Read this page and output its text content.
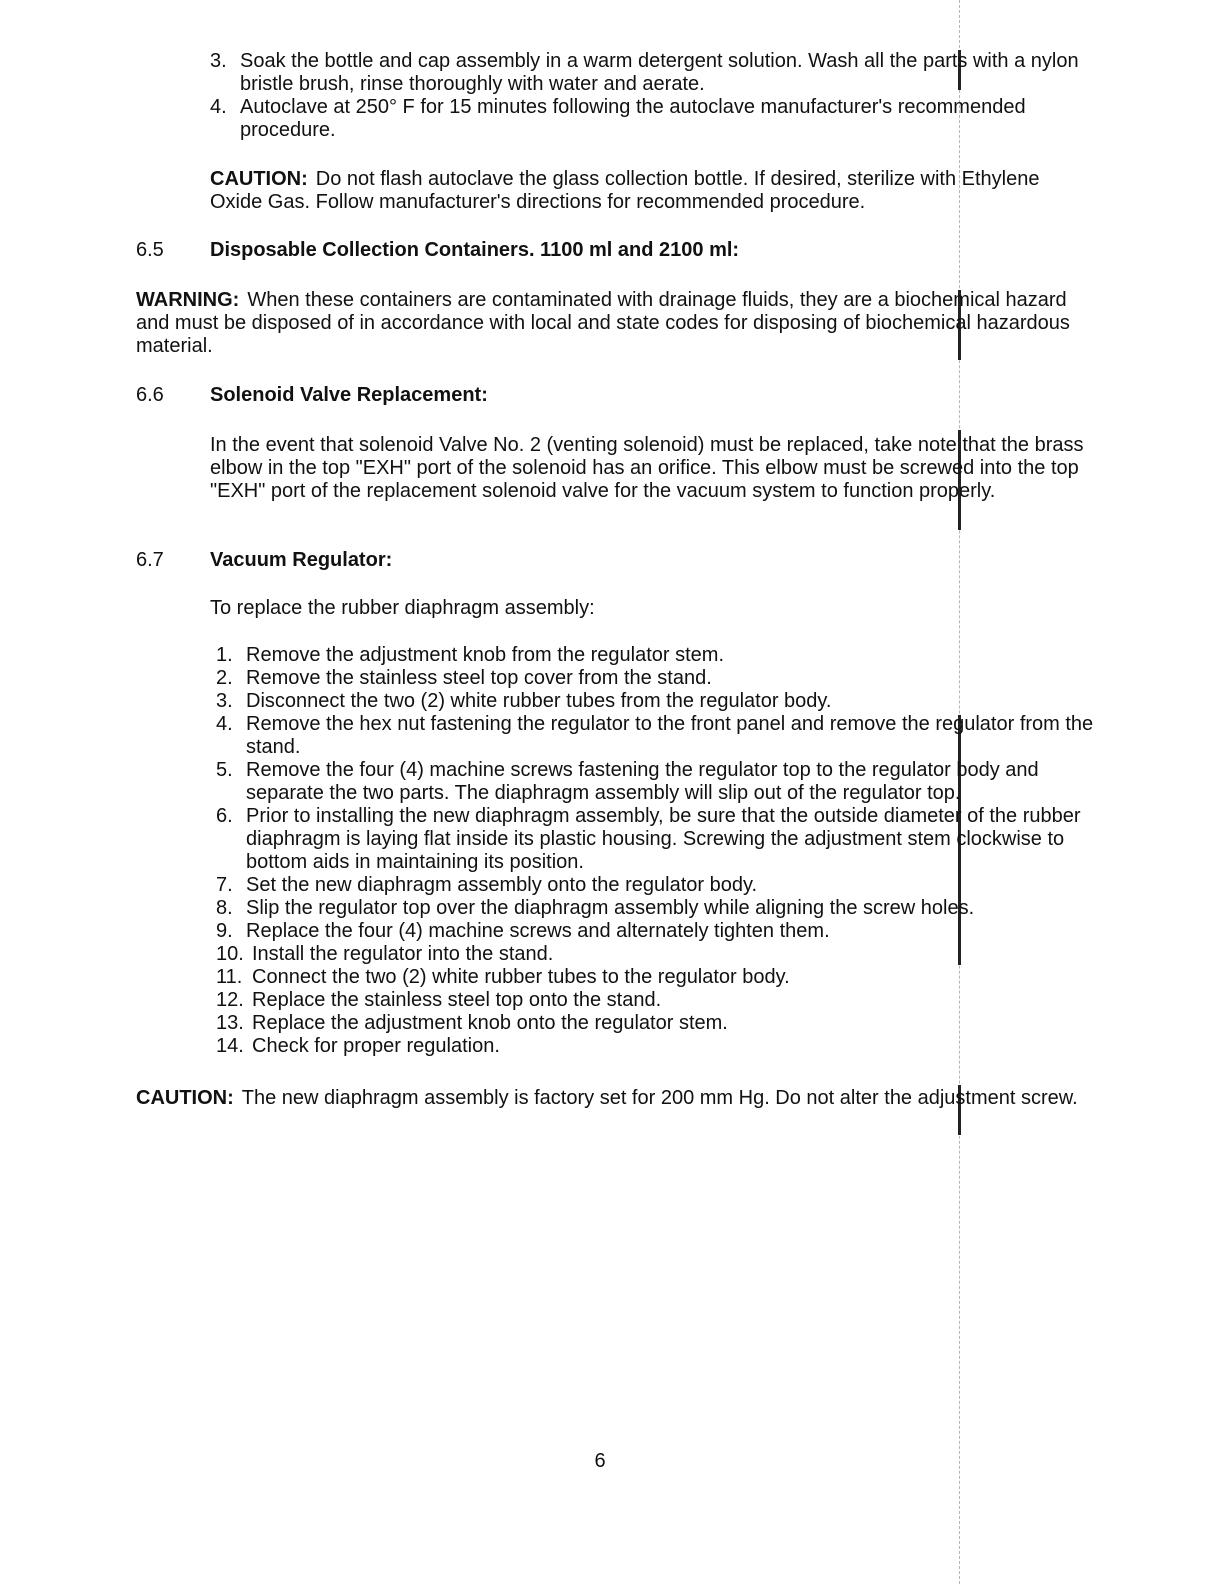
3. Soak the bottle and cap assembly in a warm detergent solution. Wash all the parts with a nylon bristle brush, rinse thoroughly with water and aerate.
4. Autoclave at 250° F for 15 minutes following the autoclave manufacturer's recommended procedure.
CAUTION: Do not flash autoclave the glass collection bottle. If desired, sterilize with Ethylene Oxide Gas. Follow manufacturer's directions for recommended procedure.
6.5 Disposable Collection Containers. 1100 ml and 2100 ml:
WARNING: When these containers are contaminated with drainage fluids, they are a biochemical hazard and must be disposed of in accordance with local and state codes for disposing of biochemical hazardous material.
6.6 Solenoid Valve Replacement:
In the event that solenoid Valve No. 2 (venting solenoid) must be replaced, take note that the brass elbow in the top "EXH" port of the solenoid has an orifice. This elbow must be screwed into the top "EXH" port of the replacement solenoid valve for the vacuum system to function properly.
6.7 Vacuum Regulator:
To replace the rubber diaphragm assembly:
1. Remove the adjustment knob from the regulator stem.
2. Remove the stainless steel top cover from the stand.
3. Disconnect the two (2) white rubber tubes from the regulator body.
4. Remove the hex nut fastening the regulator to the front panel and remove the regulator from the stand.
5. Remove the four (4) machine screws fastening the regulator top to the regulator body and separate the two parts. The diaphragm assembly will slip out of the regulator top.
6. Prior to installing the new diaphragm assembly, be sure that the outside diameter of the rubber diaphragm is laying flat inside its plastic housing. Screwing the adjustment stem clockwise to bottom aids in maintaining its position.
7. Set the new diaphragm assembly onto the regulator body.
8. Slip the regulator top over the diaphragm assembly while aligning the screw holes.
9. Replace the four (4) machine screws and alternately tighten them.
10. Install the regulator into the stand.
11. Connect the two (2) white rubber tubes to the regulator body.
12. Replace the stainless steel top onto the stand.
13. Replace the adjustment knob onto the regulator stem.
14. Check for proper regulation.
CAUTION: The new diaphragm assembly is factory set for 200 mm Hg. Do not alter the adjustment screw.
6
